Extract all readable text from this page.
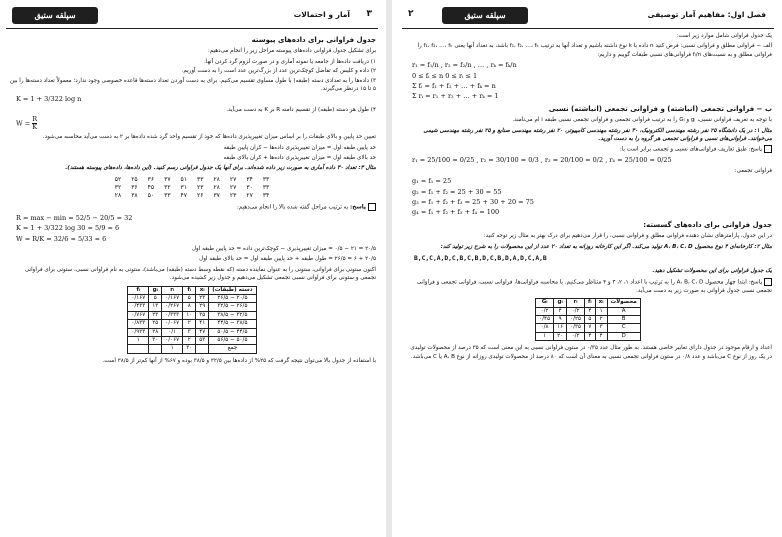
سپلقه ستیق	۳
آمار و احتمالات
جدول فراوانی برای داده‌های پیوسته

برای تشکیل جدول فراوانی داده‌های پیوسته مراحل زیر را انجام می‌دهیم:

۱) دریافت داده‌ها از جامعه یا نمونه آماری و در صورت لزوم گرد کردن آنها.

۲) داده و کلیس که تفاضل کوچک‌ترین عدد از بزرگ‌ترین عدد است را به دست آوریم.

۳) داده‌ها را به تعدادی دسته (طبقه) با طول مساوی تقسیم می‌کنیم. برای به دست آوردن تعداد دسته‌ها قاعده خصوصی وجود ندارد؛ معمولاً تعداد دسته‌ها را بین ۵ تا ۱۵ درنظر می‌گیرند.

K = 1 + 3/322 log n

۴) طول هر دسته (طبقه) از تقسیم دامنه R بر K به دست می‌آید.

$W = \frac{R}{K}$

تعیین حد پایین و بالای طبقات را بر اساس میزان تغییرپذیری داده‌ها که خود از تقسیم واحد گرد شده داده‌ها بر ۲ به دست می‌آید محاسبه می‌شود.

حد پایین طبقه اول = میزان تغییرپذیری داده‌ها − کران پایین طبقه

حد بالای طبقه اول = میزان تغییرپذیری داده‌ها + کران بالای طبقه

مثال ۳: تعداد ۳۰ داده آماری به صورت زیر داده شده‌اند. برای آنها یک جدول فراوانی رسم کنید. (این داده‌ها، داده‌های پیوسته هستند).

۵۲	۲۵	۳۶	۳۷	۵۱	۳۳	۲۸	۲۷	۳۴	۳۳
۳۲	۳۶	۴۵	۳۲	۳۱	۲۳	۲۸	۲۷	۳۰	۳۳
۲۸	۳۸	۵۰	۳۳	۴۷	۲۶	۳۷	۲۳	۲۷	۳۴

پاسخ: به ترتیب مراحل گفته شده بالا را انجام می‌دهیم:

R = max − min = 52/5 − 20/5 = 32
K = 1 + 3/322 log 30 = 5/9 ≈ 6
W = R/K = 32/6 ≈ 5/33 ≈ 6

۲۰/۵ = ۲۱ − ۰/۵ = میزان تغییرپذیری − کوچک‌ترین داده = حد پایین طبقه اول

۲۰/۵ + ۶ = ۲۶/۵ = طول طبقه + حد پایین طبقه اول = حد بالای طبقه اول

اکنون ستونی برای فراوانی، ستونی را به عنوان نماینده دسته (که نقطه وسط دسته (طبقه) می‌باشد)، ستونی به نام فراوانی نسبی، ستونی برای فراوانی تجمعی و ستونی برای فراوانی نسبی تجمعی تشکیل می‌دهیم و جدول زیر کشیده می‌شود.

دسته (طبقات)	xᵢ	fᵢ	rᵢ	gᵢ	fᵢ
۲۰/۵ − ۲۶/۵	۲۳	۵	۰/۱۶۷	۵	۰/۱۶۷
۲۶/۵ − ۳۲/۵	۲۹	۸	۰/۲۶۷	۱۳	۰/۴۳۳
۳۲/۵ − ۳۸/۵	۳۵	۱۰	۰/۳۳۳	۲۳	۰/۷۶۷
۳۸/۵ − ۴۴/۵	۴۱	۲	۰/۰۶۷	۲۵	۰/۸۳۳
۴۴/۵ − ۵۰/۵	۴۷	۳	۰/۱	۲۸	۰/۹۳۳
۵۰/۵ − ۵۶/۵	۵۳	۲	۰/۰۶۷	۳۰	۱
جمع		۳۰	۱		

با استفاده از جدول بالا می‌توان نتیجه گرفت که ۲۵% از داده‌ها بین ۳۲/۵ و ۳۸/۵ بوده و ۶۷% از آنها کم‌تر از ۳۸/۵ است.

۲	سپلقه ستیق	فصل اول: مفاهیم آمار توصیفی

یک جدول فراوانی شامل موارد زیر است:

الف − فراوانی مطلق و فراوانی نسبی: فرض کنید n داده با k نوع داشته باشیم و تعداد آنها به ترتیب f₁، f₂، …، fₖ باشد، به تعداد آنها یعنی f₁، f₂، …، fₖ را فراوانی مطلق و به نسبت‌های fᵢ/n فراوانی‌های نسبی طبقات گوییم و داریم:

r₁ = f₁/n , r₂ = f₂/n , … , rₖ = fₖ/n
0 ≤ fᵢ ≤ n 0 ≤ rᵢ ≤ 1
Σ fᵢ = f₁ + f₂ + … + fₖ = n
Σ rᵢ = r₁ + r₂ + … + rₖ = 1
ب − فراوانی تجمعی (انباشته) و فراوانی تجمعی (انباشته) نسبی

با توجه به تعریف فراوانی نسبی، gᵢ و Gᵢ را به ترتیب فراوانی تجمعی و فراوانی تجمعی نسبی طبقه i ام می‌نامند.

مثال ۱: در یک دانشگاه ۲۵ نفر رشته مهندسی الکترونیک، ۳۰ نفر رشته مهندسی کامپیوتر، ۲۰ نفر رشته مهندسی صنایع و ۲۵ نفر رشته مهندسی شیمی می‌خوانند. فراوانی‌های نسبی و فراوانی تجمعی هر گروه را به دست آورید.

پاسخ: طبق تعاریف فراوانی‌های نسبی و تجمعی برابر است با:

r₁ = 25/100 = 0/25 , r₂ = 30/100 = 0/3 , r₃ = 20/100 = 0/2 , r₄ = 25/100 = 0/25

فراوانی تجمعی:

g₁ = f₁ = 25
g₂ = f₁ + f₂ = 25 + 30 = 55
g₃ = f₁ + f₂ + f₃ = 25 + 30 + 20 = 75
g₄ = f₁ + f₂ + f₃ + f₄ = 100
جدول فراوانی برای داده‌های گسسته:

در این جدول، پارامترهای نشان دهنده فراوانی مطلق و فراوانی نسبی، را قرار می‌دهیم برای درک بهتر به مثال زیر توجه کنید:

مثال ۲: کارخانه‌ای ۴ نوع محصول A، B، C، D تولید می‌کند. اگر این کارخانه روزانه به تعداد ۲۰ عدد از این محصولات را به شرح زیر تولید کند:

B,C,C,A,D,C,B,C,B,D,C,B,D,A,D,C,A,B

یک جدول فراوانی برای این محصولات تشکیل دهید.

پاسخ: ابتدا چهار محصول A، B، C، D را به ترتیب با اعداد ۱، ۲، ۳ و ۴ متناظر می‌کنیم. با محاسبه فراوانی‌ها، فراوانی نسبی، فراوانی تجمعی و فراوانی تجمعی نسبی جدول فراوانی به صورت زیر به دست می‌آید.

محصولات	xᵢ	fᵢ	rᵢ	gᵢ	Gᵢ
A	۱	۴	۰/۲	۴	۰/۲
B	۲	۵	۰/۲۵	۹	۰/۴۵
C	۳	۷	۰/۳۵	۱۶	۰/۸
D	۴	۴	۰/۲	۲۰	۱

اعداد و ارقام موجود در جدول دارای تعابیر خاصی هستند. به طور مثال عدد ۰/۳۵ در ستون فراوانی نسبی به این معنی است که ۳۵ درصد از محصولات تولیدی در یک روز از نوع C می‌باشد و عدد ۰/۸ در ستون فراوانی تجمعی نسبی به معنای آن است که ۸۰ درصد از محصولات تولیدی روزانه از نوع A، B یا C می‌باشد.
